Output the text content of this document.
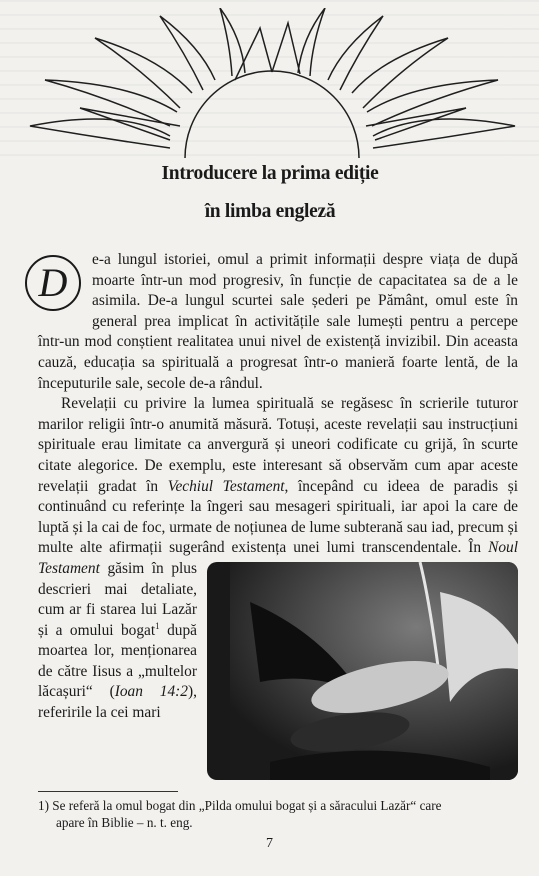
Introducere la prima ediție
în limba engleză

D
e-a lungul istoriei, omul a primit informații despre viața de după moarte într-un mod progresiv, în funcție de capacitatea sa de a le asimila. De-a lungul scurtei sale șederi pe Pământ, omul este în general prea implicat în activitățile sale lumești pentru a percepe într-un mod conștient realitatea unui nivel de existență invizibil. Din aceasta cauză, educația sa spirituală a progresat într-o manieră foarte lentă, de la începuturile sale, secole de-a rândul.

Revelații cu privire la lumea spirituală se regăsesc în scrierile tuturor marilor religii într-o anumită măsură. Totuși, aceste revelații sau instrucțiuni spirituale erau limitate ca anvergură și uneori codificate cu grijă, în scurte citate alegorice. De exemplu, este interesant să observăm cum apar aceste revelații gradat în Vechiul Testament, începând cu ideea de paradis și continuând cu referințe la îngeri sau mesageri spirituali, iar apoi la care de luptă și la cai de foc, urmate de noțiunea de lume subterană sau iad, precum și multe alte afirmații sugerând existența unei lumi transcendentale. În Noul Testament
găsim în plus descrieri mai detaliate, cum ar fi starea lui Lazăr și a omului bogat$^1$ după moartea lor, menționarea de către Iisus a „multelor lăcașuri“ (Ioan 14:2), referirile la cei mari

1) Se referă la omul bogat din „Pilda omului bogat și a săracului Lazăr“ care
apare în Biblie – n. t. eng.
7
